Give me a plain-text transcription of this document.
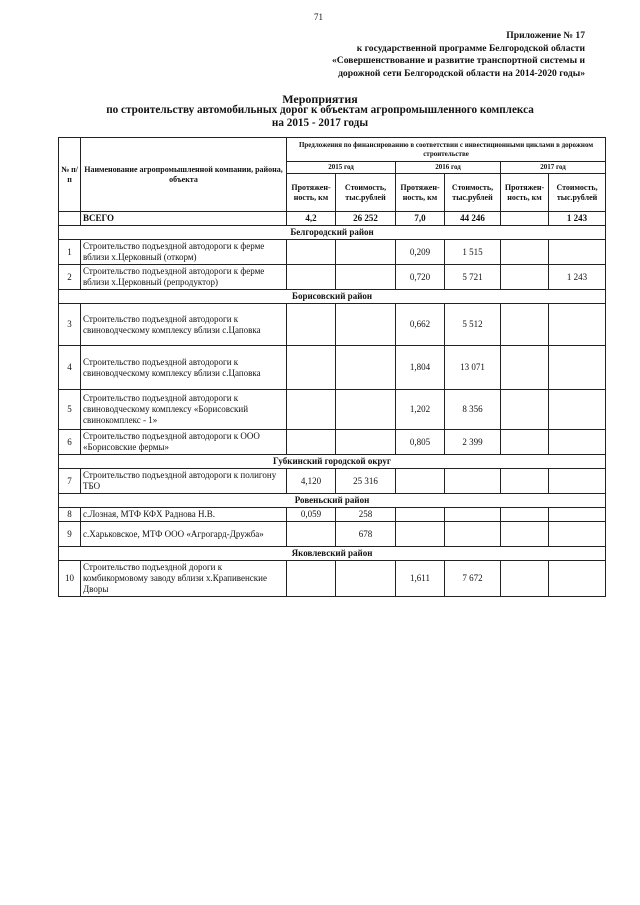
71
Приложение № 17
к государственной программе Белгородской области
«Совершенствование и развитие транспортной системы и
дорожной сети Белгородской области на 2014-2020 годы»
Мероприятия
по строительству автомобильных дорог к объектам агропромышленного комплекса
на 2015 - 2017 годы
№ п/п	Наименование агропромышленной компании, района, объекта	Предложения по финансированию в соответствии с инвестиционными циклами в дорожном строительстве					
		2015 год		2016 год		2017 год	
		Протяжен-ность, км	Стоимость, тыс.рублей	Протяжен-ность, км	Стоимость, тыс.рублей	Протяжен-ность, км	Стоимость, тыс.рублей
	ВСЕГО	4,2	26 252	7,0	44 246		1 243
Белгородский район							
1	Строительство подъездной автодороги к ферме вблизи х.Церковный (откорм)			0,209	1 515		
2	Строительство подъездной автодороги к ферме вблизи х.Церковный (репродуктор)			0,720	5 721		1 243
Борисовский район							
3	Строительство подъездной автодороги к свиноводческому комплексу вблизи с.Цаповка			0,662	5 512		
4	Строительство подъездной автодороги к свиноводческому комплексу вблизи с.Цаповка			1,804	13 071		
5	Строительство подъездной автодороги к свиноводческому комплексу «Борисовский свинокомплекс - 1»			1,202	8 356		
6	Строительство подъездной автодороги к ООО «Борисовские фермы»			0,805	2 399		
Губкинский городской округ							
7	Строительство подъездной автодороги к полигону ТБО	4,120	25 316				
Ровеньский район							
8	с.Лозная, МТФ КФХ Раднова Н.В.	0,059	258				
9	с.Харьковское, МТФ ООО «Агрогард-Дружба»		678				
Яковлевский район							
10	Строительство подъездной дороги к комбикормовому заводу вблизи х.Крапивенские Дворы			1,611	7 672		
